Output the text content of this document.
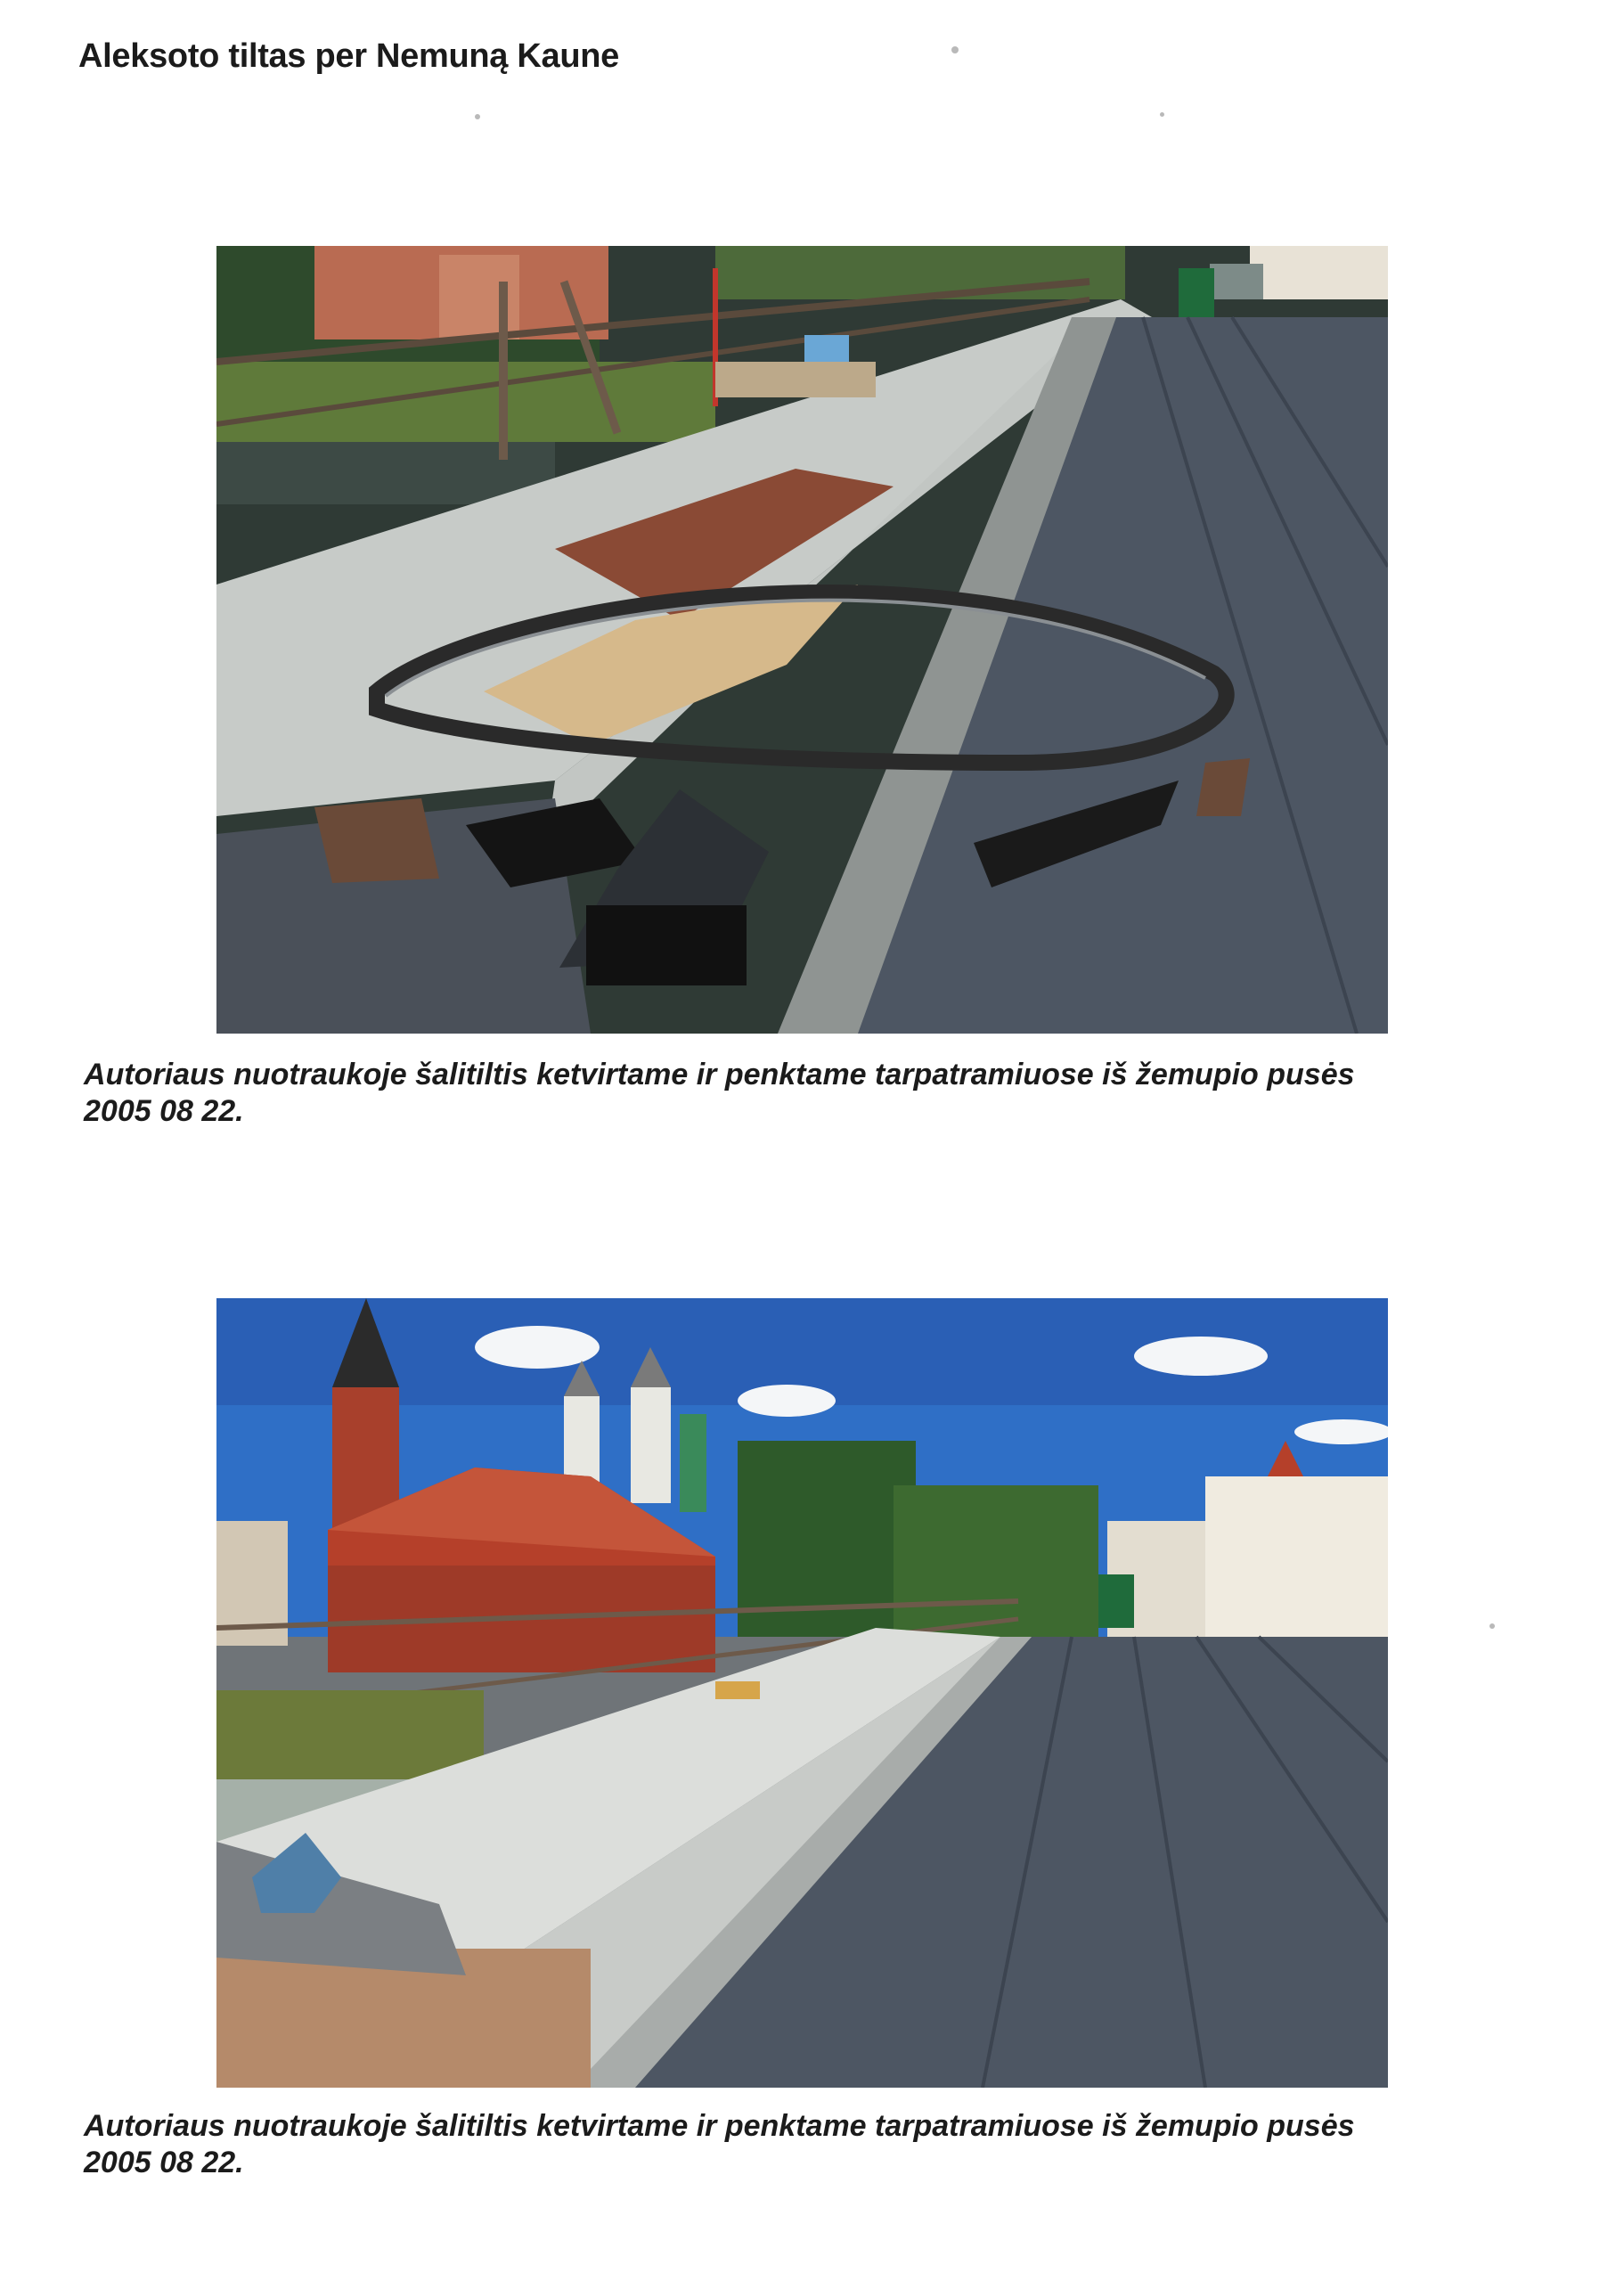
Aleksoto tiltas per Nemuną Kaune

Autoriaus nuotraukoje šalitiltis ketvirtame ir penktame tarpatramiuose iš žemupio pusės
2005 08 22.

Autoriaus nuotraukoje šalitiltis ketvirtame ir penktame tarpatramiuose iš žemupio pusės
2005 08 22.
